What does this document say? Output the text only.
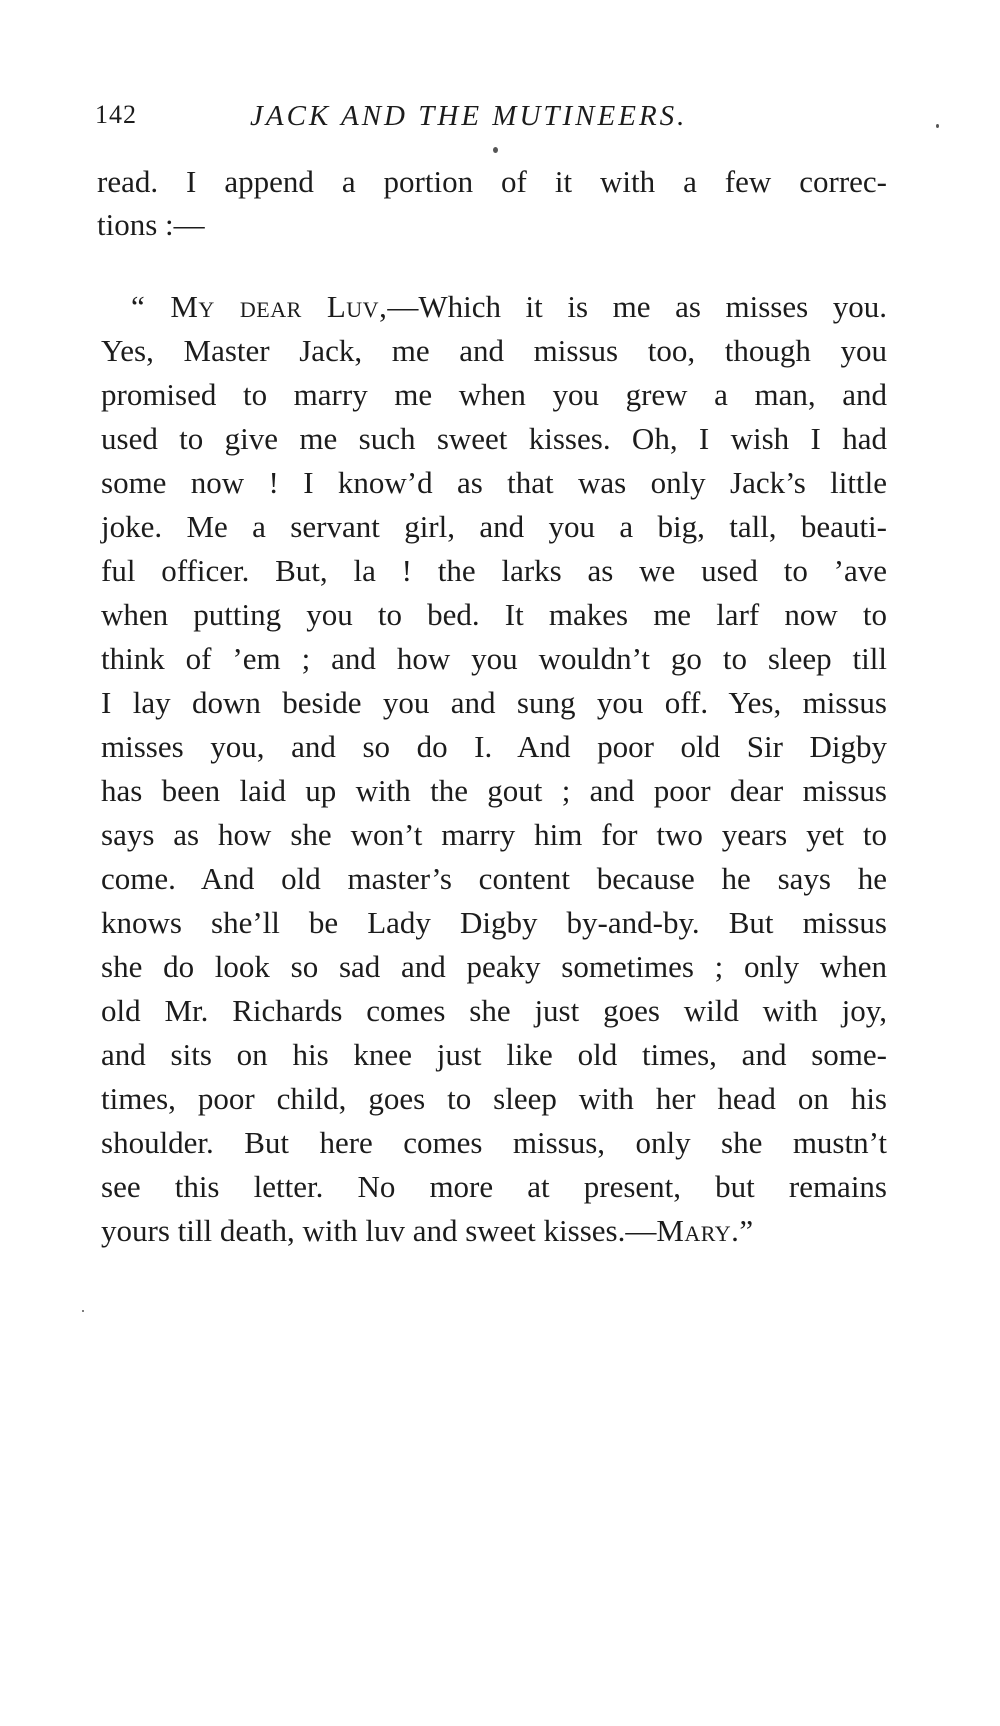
142	JACK AND THE MUTINEERS.
read. I append a portion of it with a few correc-
tions :—
“ My dear Luv,—Which it is me as misses you.
Yes, Master Jack, me and missus too, though you
promised to marry me when you grew a man, and
used to give me such sweet kisses. Oh, I wish I had
some now ! I know’d as that was only Jack’s little
joke. Me a servant girl, and you a big, tall, beauti-
ful officer. But, la ! the larks as we used to ’ave
when putting you to bed. It makes me larf now to
think of ’em ; and how you wouldn’t go to sleep till
I lay down beside you and sung you off. Yes, missus
misses you, and so do I. And poor old Sir Digby
has been laid up with the gout ; and poor dear missus
says as how she won’t marry him for two years yet to
come. And old master’s content because he says he
knows she’ll be Lady Digby by-and-by. But missus
she do look so sad and peaky sometimes ; only when
old Mr. Richards comes she just goes wild with joy,
and sits on his knee just like old times, and some-
times, poor child, goes to sleep with her head on his
shoulder. But here comes missus, only she mustn’t
see this letter. No more at present, but remains
yours till death, with luv and sweet kisses.—Mary.”
